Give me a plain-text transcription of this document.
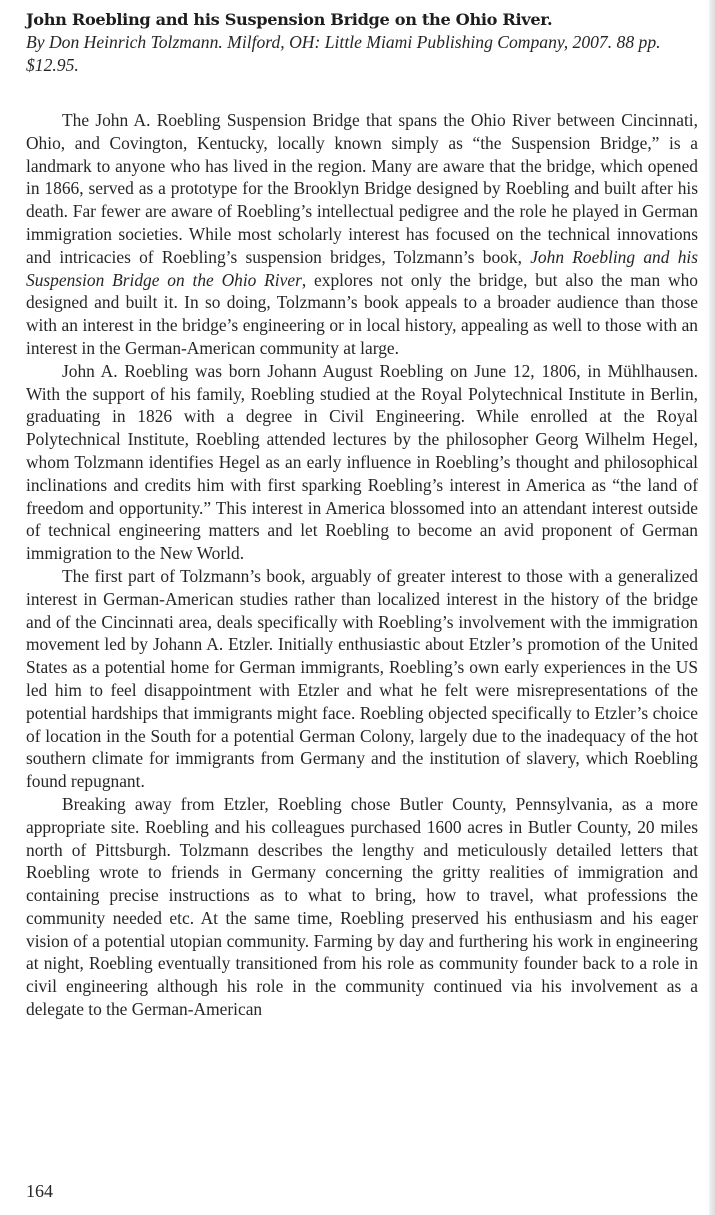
John Roebling and his Suspension Bridge on the Ohio River.

By Don Heinrich Tolzmann. Milford, OH: Little Miami Publishing Company, 2007. 88 pp. $12.95.

The John A. Roebling Suspension Bridge that spans the Ohio River between Cincinnati, Ohio, and Covington, Kentucky, locally known simply as “the Suspension Bridge,” is a landmark to anyone who has lived in the region. Many are aware that the bridge, which opened in 1866, served as a prototype for the Brooklyn Bridge designed by Roebling and built after his death. Far fewer are aware of Roebling’s intellectual pedigree and the role he played in German immigration societies. While most scholarly interest has focused on the technical innovations and intricacies of Roebling’s suspension bridges, Tolzmann’s book, John Roebling and his Suspension Bridge on the Ohio River, explores not only the bridge, but also the man who designed and built it. In so doing, Tolzmann’s book appeals to a broader audience than those with an interest in the bridge’s engineering or in local history, appealing as well to those with an interest in the German-American community at large.

John A. Roebling was born Johann August Roebling on June 12, 1806, in Mühlhausen. With the support of his family, Roebling studied at the Royal Polytechnical Institute in Berlin, graduating in 1826 with a degree in Civil Engineering. While enrolled at the Royal Polytechnical Institute, Roebling attended lectures by the philosopher Georg Wilhelm Hegel, whom Tolzmann identifies Hegel as an early influence in Roebling’s thought and philosophical inclinations and credits him with first sparking Roebling’s interest in America as “the land of freedom and opportunity.” This interest in America blossomed into an attendant interest outside of technical engineering matters and let Roebling to become an avid proponent of German immigration to the New World.

The first part of Tolzmann’s book, arguably of greater interest to those with a generalized interest in German-American studies rather than localized interest in the history of the bridge and of the Cincinnati area, deals specifically with Roebling’s involvement with the immigration movement led by Johann A. Etzler. Initially enthusiastic about Etzler’s promotion of the United States as a potential home for German immigrants, Roebling’s own early experiences in the US led him to feel disappointment with Etzler and what he felt were misrepresentations of the potential hardships that immigrants might face. Roebling objected specifically to Etzler’s choice of location in the South for a potential German Colony, largely due to the inadequacy of the hot southern climate for immigrants from Germany and the institution of slavery, which Roebling found repugnant.

Breaking away from Etzler, Roebling chose Butler County, Pennsylvania, as a more appropriate site. Roebling and his colleagues purchased 1600 acres in Butler County, 20 miles north of Pittsburgh. Tolzmann describes the lengthy and meticulously detailed letters that Roebling wrote to friends in Germany concerning the gritty realities of immigration and containing precise instructions as to what to bring, how to travel, what professions the community needed etc. At the same time, Roebling preserved his enthusiasm and his eager vision of a potential utopian community. Farming by day and furthering his work in engineering at night, Roebling eventually transitioned from his role as community founder back to a role in civil engineering although his role in the community continued via his involvement as a delegate to the German-American

164
